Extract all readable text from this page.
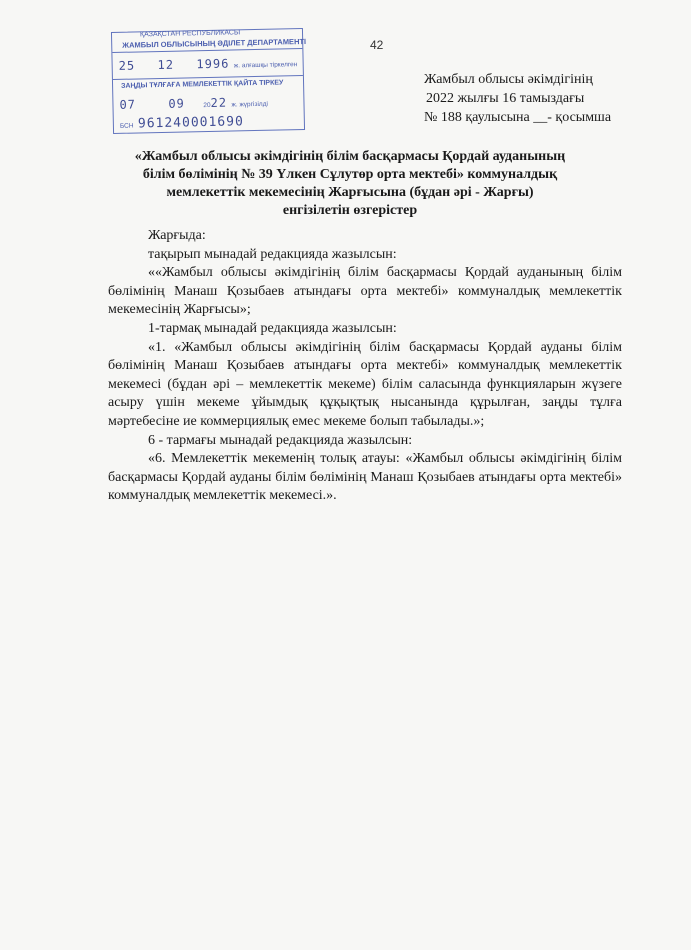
42
ҚАЗАҚСТАН РЕСПУБЛИКАСЫ
ЖАМБЫЛ ОБЛЫСЫНЫҢ ӘДІЛЕТ ДЕПАРТАМЕНТІ
25 12 1996 ж. алғашқы тіркелген
ЗАҢДЫ ТҰЛҒАҒА МЕМЛЕКЕТТІК ҚАЙТА ТІРКЕУ
07	09	2022 ж. жүргізілді
БСН 961240001690
Жамбыл облысы әкімдігінің
2022 жылғы 16 тамыздағы
№ 188 қаулысына __- қосымша
«Жамбыл облысы әкімдігінің білім басқармасы Қордай ауданының
білім бөлімінің № 39 Үлкен Сұлутөр орта мектебі» коммуналдық
мемлекеттік мекемесінің Жарғысына (бұдан әрі - Жарғы)
енгізілетін өзгерістер

Жарғыда:

тақырып мынадай редакцияда жазылсын:

««Жамбыл облысы әкімдігінің білім басқармасы Қордай ауданының білім бөлімінің Манаш Қозыбаев атындағы орта мектебі» коммуналдық мемлекеттік мекемесінің Жарғысы»;

1-тармақ мынадай редакцияда жазылсын:

«1. «Жамбыл облысы әкімдігінің білім басқармасы Қордай ауданы білім бөлімінің Манаш Қозыбаев атындағы орта мектебі» коммуналдық мемлекеттік мекемесі (бұдан әрі – мемлекеттік мекеме) білім саласында функцияларын жүзеге асыру үшін мекеме ұйымдық құқықтық нысанында құрылған, заңды тұлға мәртебесіне ие коммерциялық емес мекеме болып табылады.»;

6 - тармағы мынадай редакцияда жазылсын:

«6. Мемлекеттік мекеменің толық атауы: «Жамбыл облысы әкімдігінің білім басқармасы Қордай ауданы білім бөлімінің Манаш Қозыбаев атындағы орта мектебі» коммуналдық мемлекеттік мекемесі.».
